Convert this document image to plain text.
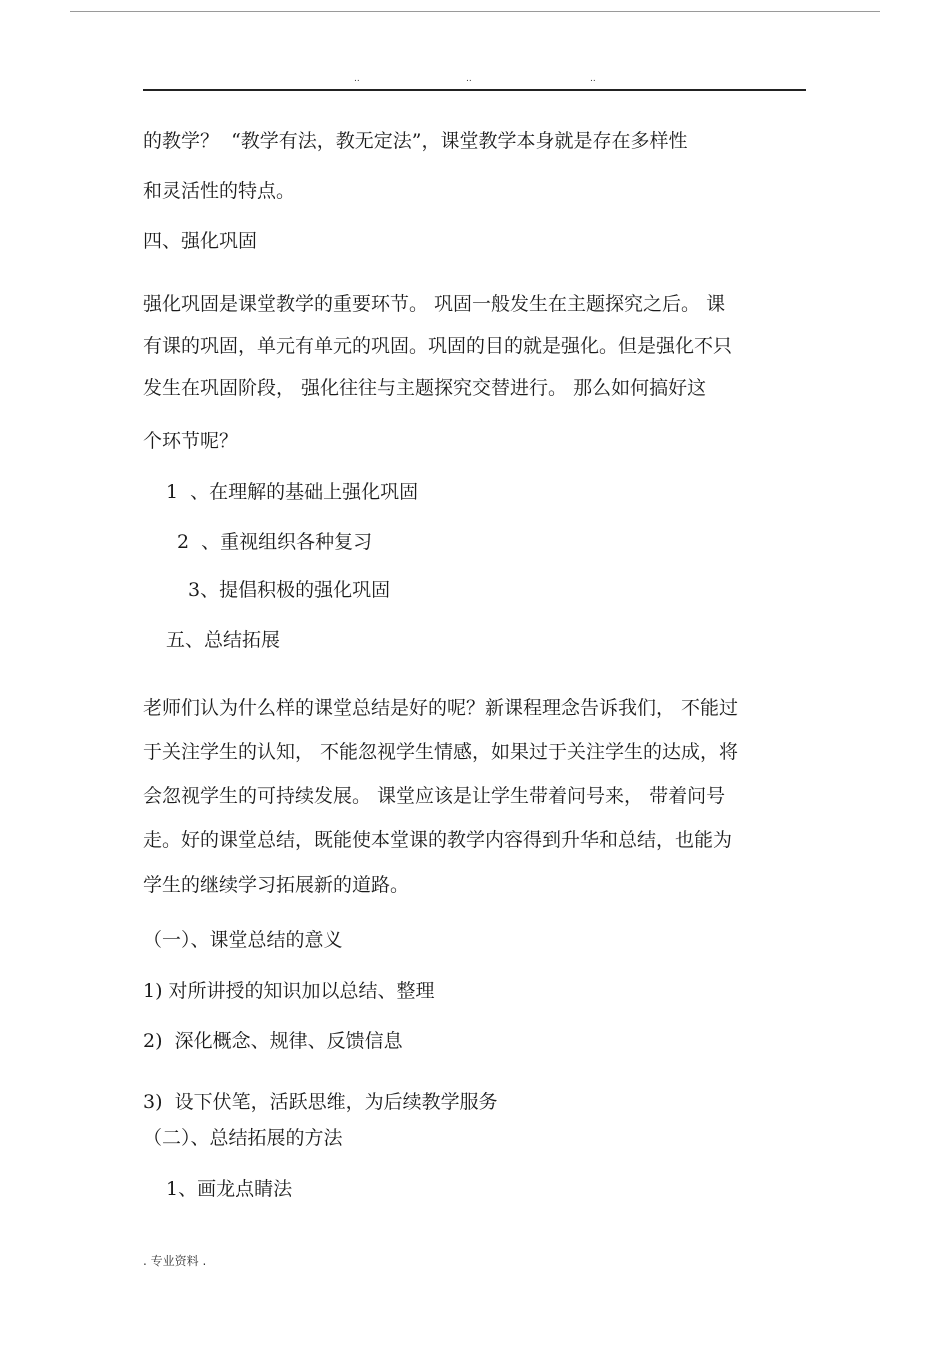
..	..	..
的教学？  “教学有法，教无定法”，课堂教学本身就是存在多样性
和灵活性的特点。
四、强化巩固
强化巩固是课堂教学的重要环节。 巩固一般发生在主题探究之后。 课
有课的巩固，单元有单元的巩固。巩固的目的就是强化。但是强化不只
发生在巩固阶段， 强化往往与主题探究交替进行。 那么如何搞好这
个环节呢？
1  、在理解的基础上强化巩固
2  、重视组织各种复习
3、提倡积极的强化巩固
五、总结拓展
老师们认为什么样的课堂总结是好的呢？新课程理念告诉我们， 不能过
于关注学生的认知， 不能忽视学生情感，如果过于关注学生的达成，将
会忽视学生的可持续发展。 课堂应该是让学生带着问号来， 带着问号
走。好的课堂总结，既能使本堂课的教学内容得到升华和总结，也能为
学生的继续学习拓展新的道路。
（一）、课堂总结的意义
1) 对所讲授的知识加以总结、整理
2)  深化概念、规律、反馈信息
3)  设下伏笔，活跃思维，为后续教学服务
（二）、总结拓展的方法
1、画龙点睛法
. 专业资料 .
